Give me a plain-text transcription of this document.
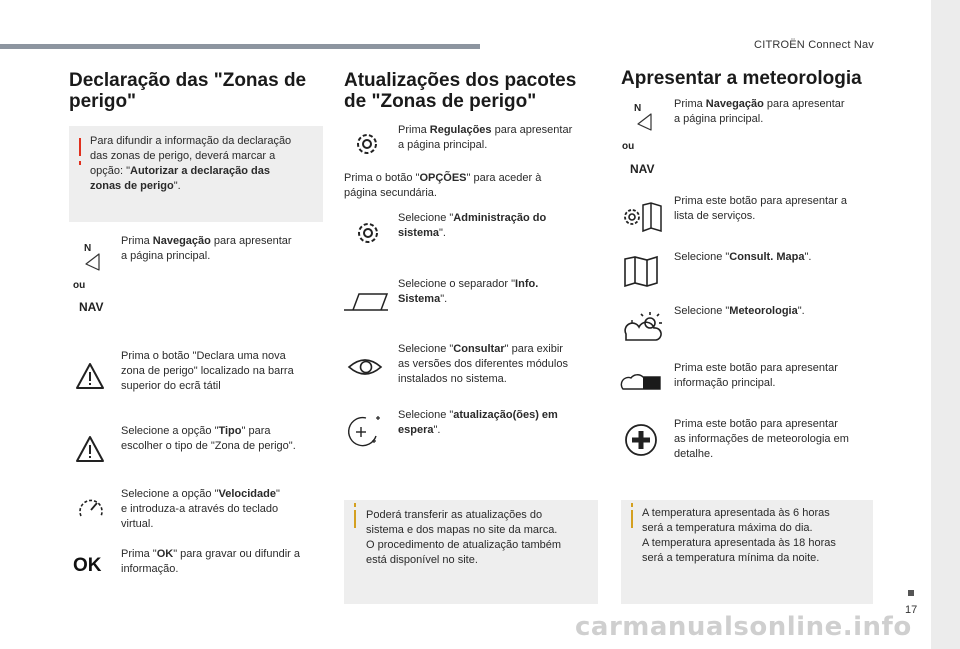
CITROËN Connect Nav
17
carmanualsonline.info
Declaração das "Zonas de
perigo"
Para difundir a informação da declaração
das zonas de perigo, deverá marcar a
opção: "Autorizar a declaração das
zonas de perigo".
N
ou
NAV
Prima Navegação para apresentar
a página principal.
Prima o botão "Declara uma nova
zona de perigo" localizado na barra
superior do ecrã tátil
Selecione a opção "Tipo" para
escolher o tipo de "Zona de perigo".
Selecione a opção "Velocidade"
e introduza-a através do teclado
virtual.
OK
Prima "OK" para gravar ou difundir a
informação.
Atualizações dos pacotes
de "Zonas de perigo"
Prima Regulações para apresentar
a página principal.
Prima o botão "OPÇÕES" para aceder à
página secundária.
Selecione "Administração do
sistema".
Selecione o separador "Info.
Sistema".
Selecione "Consultar" para exibir
as versões dos diferentes módulos
instalados no sistema.
Selecione "atualização(ões) em
espera".
Poderá transferir as atualizações do
sistema e dos mapas no site da marca.
O procedimento de atualização também
está disponível no site.
Apresentar a meteorologia
N
ou
NAV
Prima Navegação para apresentar
a página principal.
Prima este botão para apresentar a
lista de serviços.
Selecione "Consult. Mapa".
Selecione "Meteorologia".
Prima este botão para apresentar
informação principal.
Prima este botão para apresentar
as informações de meteorologia em
detalhe.
A temperatura apresentada às 6 horas
será a temperatura máxima do dia.
A temperatura apresentada às 18 horas
será a temperatura mínima da noite.
